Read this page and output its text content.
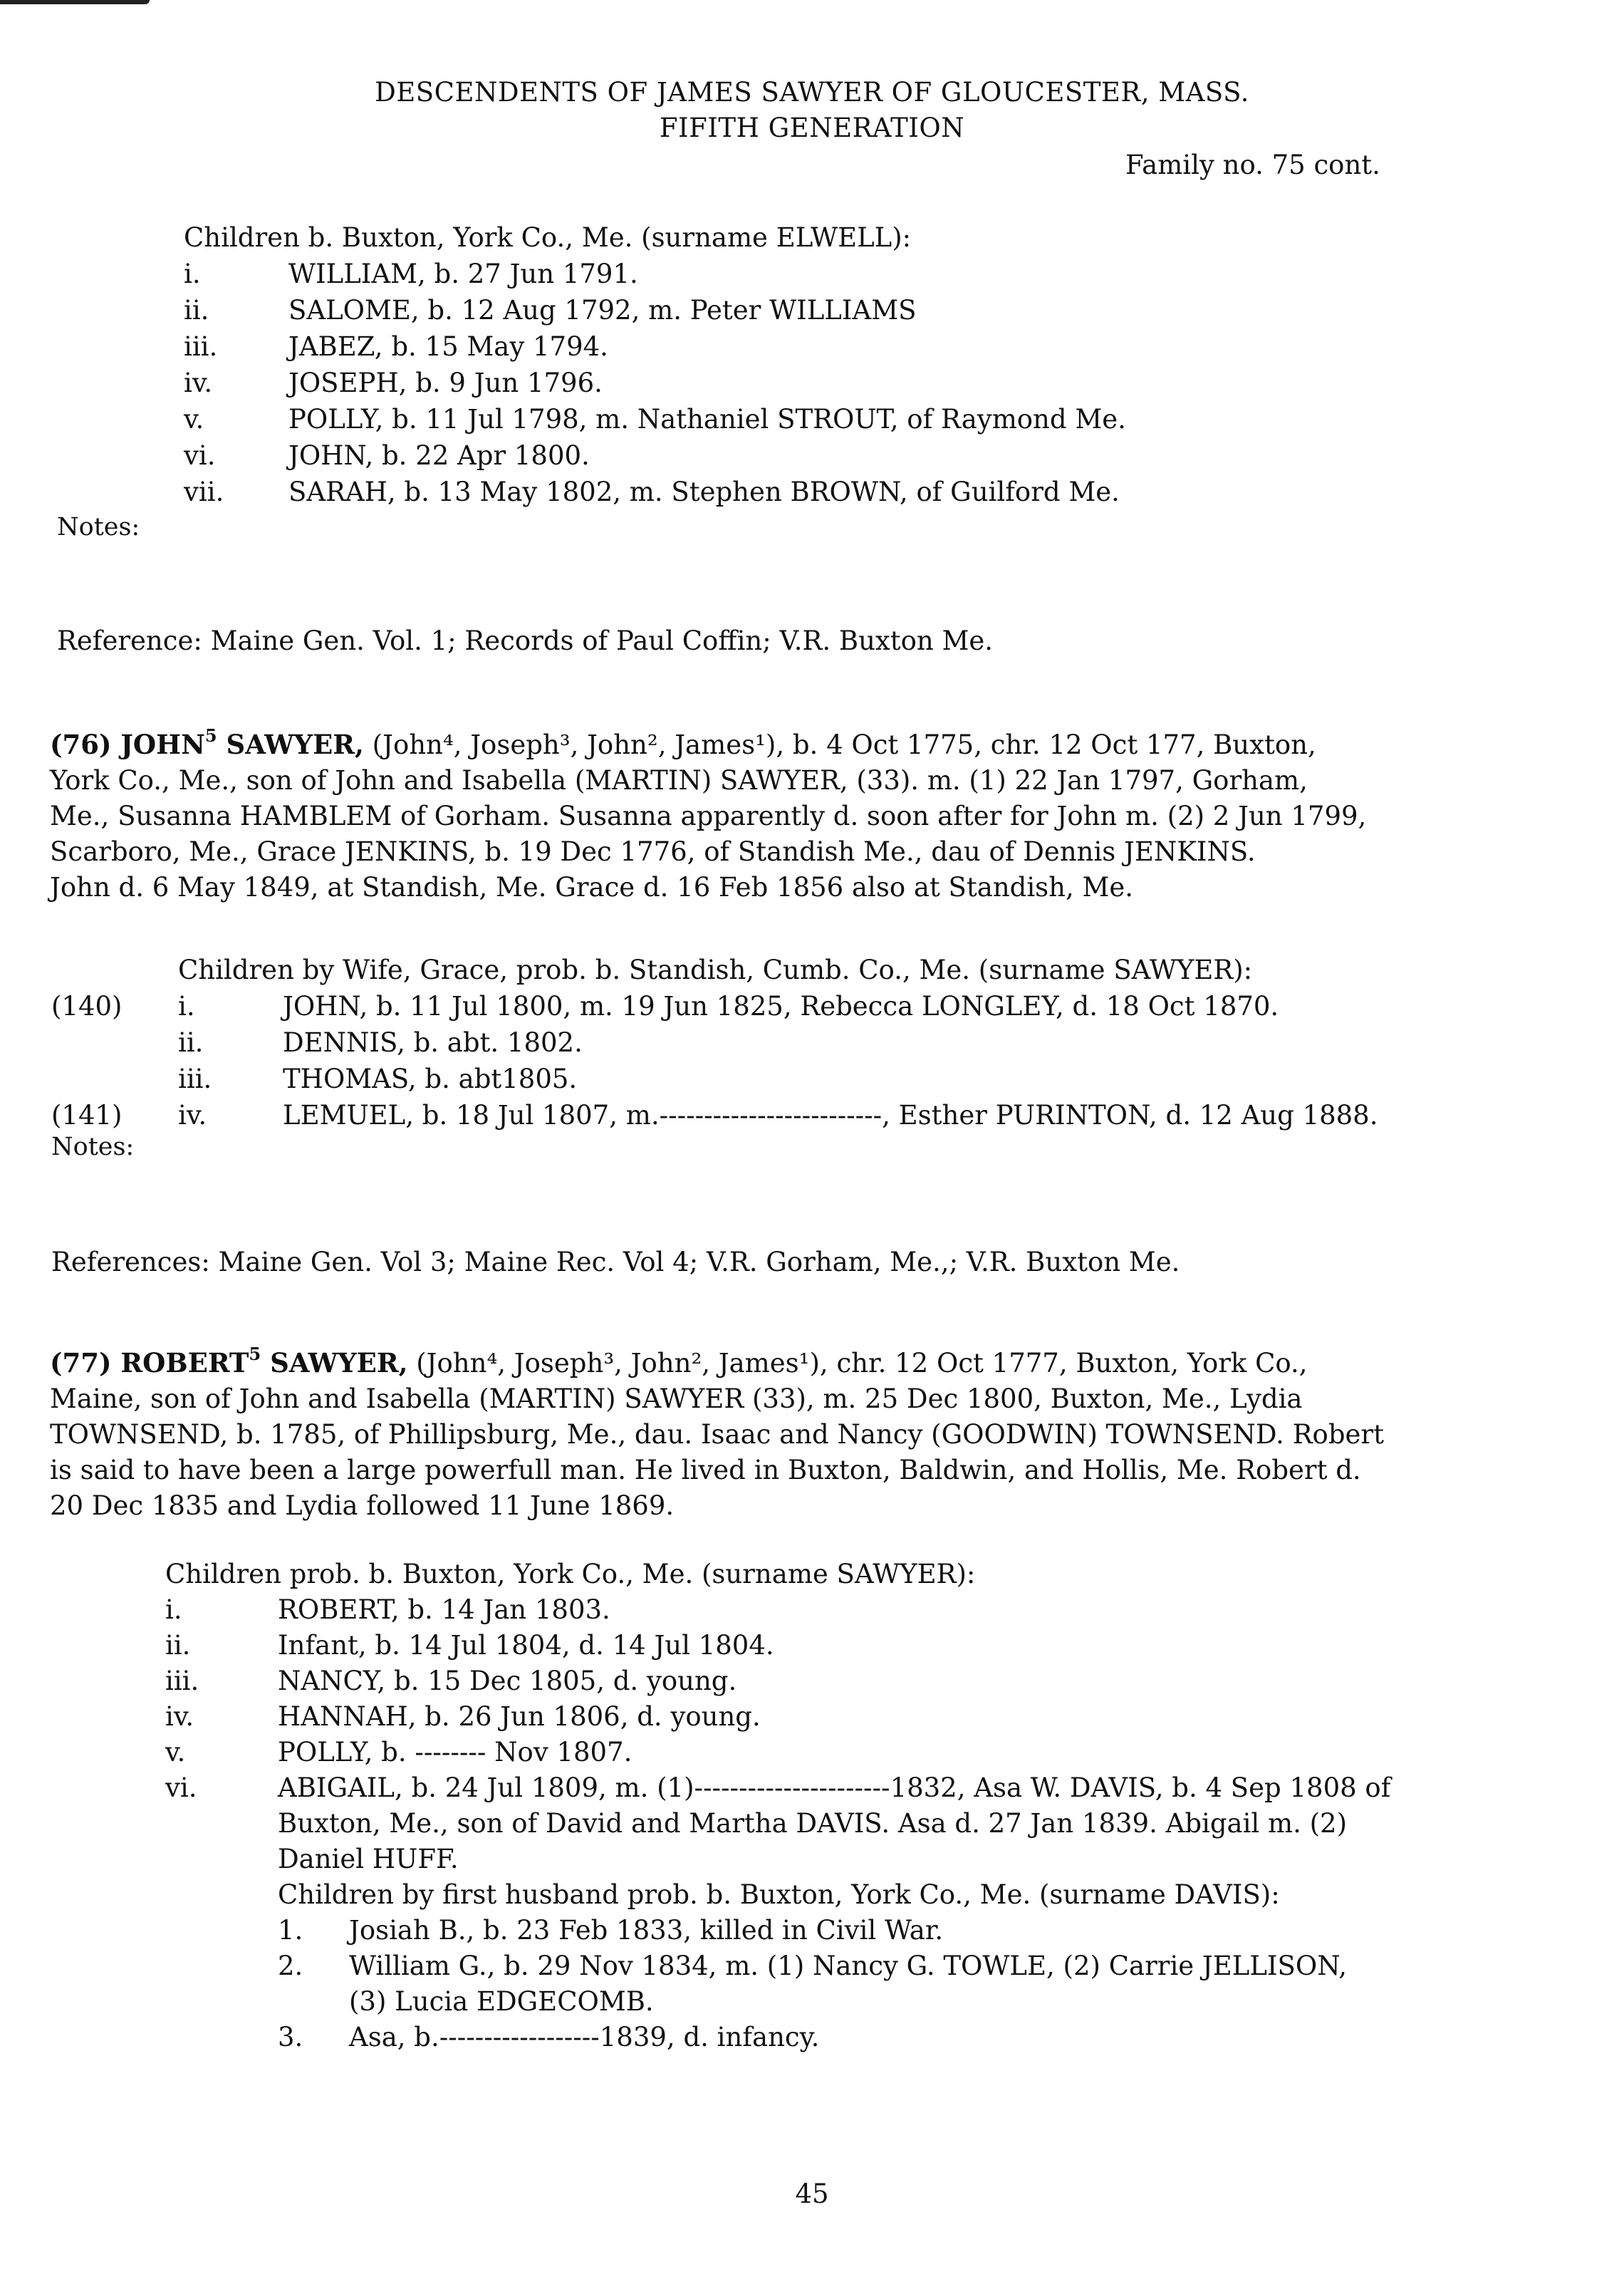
DESCENDENTS OF JAMES SAWYER OF GLOUCESTER, MASS.
FIFITH GENERATION
Family no. 75 cont.
Children b. Buxton, York Co., Me. (surname ELWELL):
i.	WILLIAM, b. 27 Jun 1791.
ii.	SALOME, b. 12 Aug 1792, m. Peter WILLIAMS
iii.	JABEZ, b. 15 May 1794.
iv.	JOSEPH, b. 9 Jun 1796.
v.	POLLY, b. 11 Jul 1798, m. Nathaniel STROUT, of Raymond Me.
vi.	JOHN, b. 22 Apr 1800.
vii. SARAH, b. 13 May 1802, m. Stephen BROWN, of Guilford Me.
Notes:
Reference: Maine Gen. Vol. 1; Records of Paul Coffin; V.R. Buxton Me.
(76) JOHN$^5$ SAWYER, (John⁴, Joseph³, John², James¹), b. 4 Oct 1775, chr. 12 Oct 177, Buxton,
York Co., Me., son of John and Isabella (MARTIN) SAWYER, (33). m. (1) 22 Jan 1797, Gorham,
Me., Susanna HAMBLEM of Gorham. Susanna apparently d. soon after for John m. (2) 2 Jun 1799,
Scarboro, Me., Grace JENKINS, b. 19 Dec 1776, of Standish Me., dau of Dennis JENKINS.
John d. 6 May 1849, at Standish, Me. Grace d. 16 Feb 1856 also at Standish, Me.
Children by Wife, Grace, prob. b. Standish, Cumb. Co., Me. (surname SAWYER):
(140) i.	JOHN, b. 11 Jul 1800, m. 19 Jun 1825, Rebecca LONGLEY, d. 18 Oct 1870.
ii.	DENNIS, b. abt. 1802.
iii.	THOMAS, b. abt1805.
(141) iv.	LEMUEL, b. 18 Jul 1807, m.-------------------------, Esther PURINTON, d. 12 Aug 1888.
Notes:
References: Maine Gen. Vol 3; Maine Rec. Vol 4; V.R. Gorham, Me.,; V.R. Buxton Me.
(77) ROBERT$^5$ SAWYER, (John⁴, Joseph³, John², James¹), chr. 12 Oct 1777, Buxton, York Co.,
Maine, son of John and Isabella (MARTIN) SAWYER (33), m. 25 Dec 1800, Buxton, Me., Lydia
TOWNSEND, b. 1785, of Phillipsburg, Me., dau. Isaac and Nancy (GOODWIN) TOWNSEND. Robert
is said to have been a large powerfull man. He lived in Buxton, Baldwin, and Hollis, Me. Robert d.
20 Dec 1835 and Lydia followed 11 June 1869.
Children prob. b. Buxton, York Co., Me. (surname SAWYER):
i.	ROBERT, b. 14 Jan 1803.
ii.	Infant, b. 14 Jul 1804, d. 14 Jul 1804.
iii.	NANCY, b. 15 Dec 1805, d. young.
iv.	HANNAH, b. 26 Jun 1806, d. young.
v.	POLLY, b. -------- Nov 1807.
vi.	ABIGAIL, b. 24 Jul 1809, m. (1)----------------------1832, Asa W. DAVIS, b. 4 Sep 1808 of
Buxton, Me., son of David and Martha DAVIS. Asa d. 27 Jan 1839. Abigail m. (2)
Daniel HUFF.
Children by first husband prob. b. Buxton, York Co., Me. (surname DAVIS):
1. Josiah B., b. 23 Feb 1833, killed in Civil War.
2. William G., b. 29 Nov 1834, m. (1) Nancy G. TOWLE, (2) Carrie JELLISON,
(3) Lucia EDGECOMB.
3. Asa, b.------------------1839, d. infancy.
45
